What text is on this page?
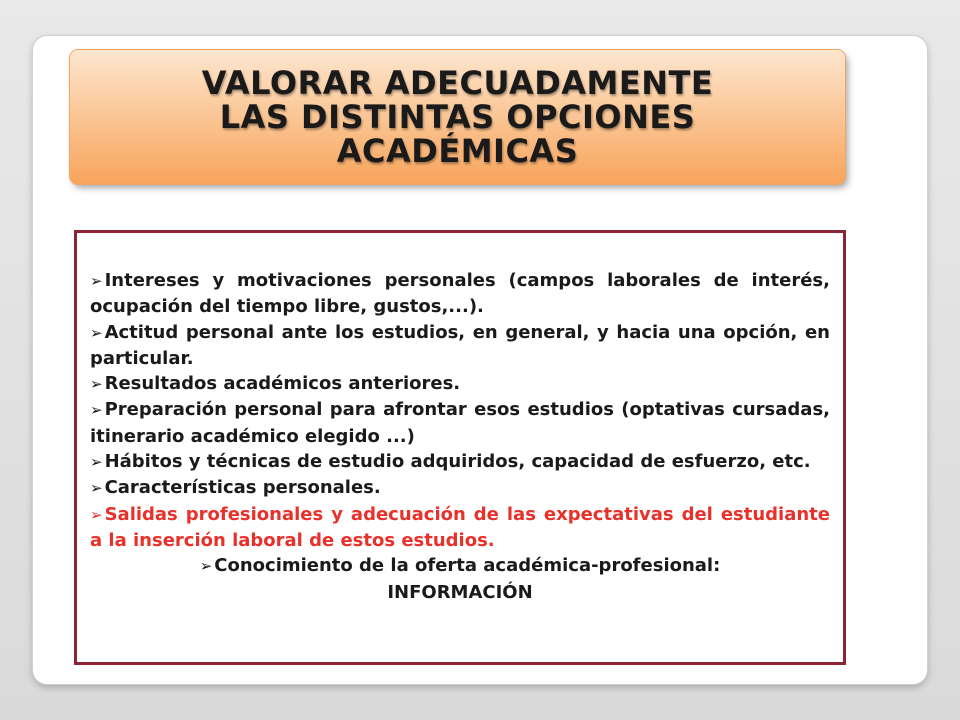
VALORAR ADECUADAMENTE
LAS DISTINTAS OPCIONES
ACADÉMICAS

➢ Intereses y motivaciones personales (campos laborales de interés, ocupación del tiempo libre, gustos,...).

➢ Actitud personal ante los estudios, en general, y hacia una opción, en particular.

➢ Resultados académicos anteriores.

➢ Preparación personal para afrontar esos estudios (optativas cursadas, itinerario académico elegido ...)

➢ Hábitos y técnicas de estudio adquiridos, capacidad de esfuerzo, etc.

➢ Características personales.

➢ Salidas profesionales y adecuación de las expectativas del estudiante a la inserción laboral de estos estudios.

➢ Conocimiento de la oferta académica-profesional:

INFORMACIÓN
